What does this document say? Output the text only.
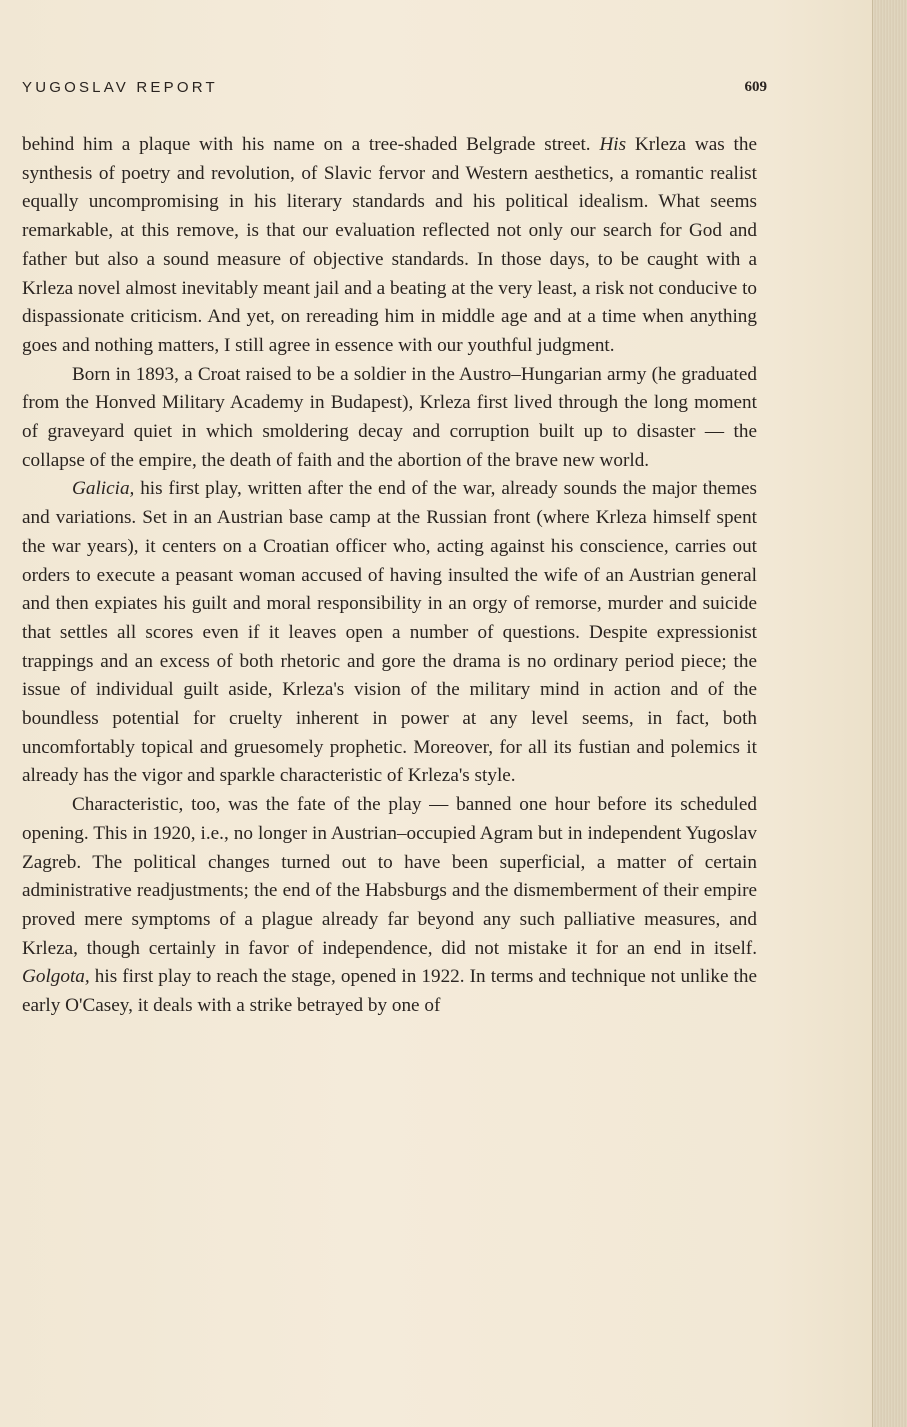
YUGOSLAV REPORT	609

behind him a plaque with his name on a tree-shaded Belgrade street. His Krleza was the synthesis of poetry and revolution, of Slavic fervor and Western aesthetics, a romantic realist equally uncompromising in his literary standards and his political idealism. What seems remarkable, at this remove, is that our evaluation reflected not only our search for God and father but also a sound measure of objective standards. In those days, to be caught with a Krleza novel almost inevitably meant jail and a beating at the very least, a risk not conducive to dispassionate criticism. And yet, on rereading him in middle age and at a time when anything goes and nothing matters, I still agree in essence with our youthful judgment.

Born in 1893, a Croat raised to be a soldier in the Austro–Hungarian army (he graduated from the Honved Military Academy in Budapest), Krleza first lived through the long moment of graveyard quiet in which smoldering decay and corruption built up to disaster — the collapse of the empire, the death of faith and the abortion of the brave new world.

Galicia, his first play, written after the end of the war, already sounds the major themes and variations. Set in an Austrian base camp at the Russian front (where Krleza himself spent the war years), it centers on a Croatian officer who, acting against his conscience, carries out orders to execute a peasant woman accused of having insulted the wife of an Austrian general and then expiates his guilt and moral responsibility in an orgy of remorse, murder and suicide that settles all scores even if it leaves open a number of questions. Despite expressionist trappings and an excess of both rhetoric and gore the drama is no ordinary period piece; the issue of individual guilt aside, Krleza's vision of the military mind in action and of the boundless potential for cruelty inherent in power at any level seems, in fact, both uncomfortably topical and gruesomely prophetic. Moreover, for all its fustian and polemics it already has the vigor and sparkle characteristic of Krleza's style.

Characteristic, too, was the fate of the play — banned one hour before its scheduled opening. This in 1920, i.e., no longer in Austrian–occupied Agram but in independent Yugoslav Zagreb. The political changes turned out to have been superficial, a matter of certain administrative readjustments; the end of the Habsburgs and the dismemberment of their empire proved mere symptoms of a plague already far beyond any such palliative measures, and Krleza, though certainly in favor of independence, did not mistake it for an end in itself. Golgota, his first play to reach the stage, opened in 1922. In terms and technique not unlike the early O'Casey, it deals with a strike betrayed by one of
